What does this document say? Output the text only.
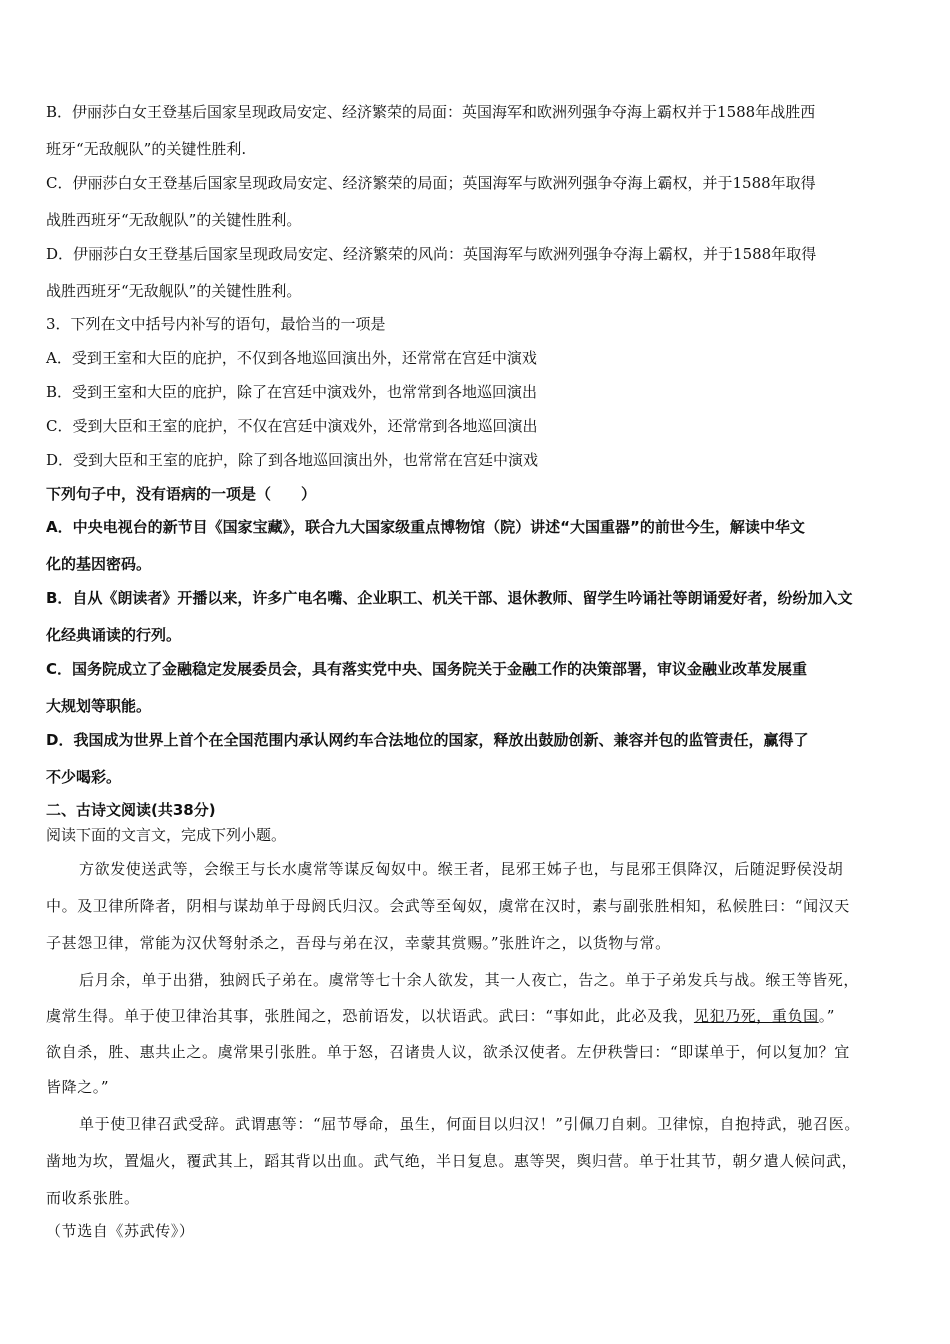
B．伊丽莎白女王登基后国家呈现政局安定、经济繁荣的局面：英国海军和欧洲列强争夺海上霸权并于1588年战胜西
班牙“无敌舰队”的关键性胜利.
C．伊丽莎白女王登基后国家呈现政局安定、经济繁荣的局面；英国海军与欧洲列强争夺海上霸权，并于1588年取得
战胜西班牙“无敌舰队”的关键性胜利。
D．伊丽莎白女王登基后国家呈现政局安定、经济繁荣的风尚：英国海军与欧洲列强争夺海上霸权，并于1588年取得
战胜西班牙“无敌舰队”的关键性胜利。
3．下列在文中括号内补写的语句，最恰当的一项是
A．受到王室和大臣的庇护，不仅到各地巡回演出外，还常常在宫廷中演戏
B．受到王室和大臣的庇护，除了在宫廷中演戏外，也常常到各地巡回演出
C．受到大臣和王室的庇护，不仅在宫廷中演戏外，还常常到各地巡回演出
D．受到大臣和王室的庇护，除了到各地巡回演出外，也常常在宫廷中演戏
下列句子中，没有语病的一项是（　　）
A．中央电视台的新节目《国家宝藏》，联合九大国家级重点博物馆（院）讲述“大国重器”的前世今生，解读中华文
化的基因密码。
B．自从《朗读者》开播以来，许多广电名嘴、企业职工、机关干部、退休教师、留学生吟诵社等朗诵爱好者，纷纷加入文
化经典诵读的行列。
C．国务院成立了金融稳定发展委员会，具有落实党中央、国务院关于金融工作的决策部署，审议金融业改革发展重
大规划等职能。
D．我国成为世界上首个在全国范围内承认网约车合法地位的国家，释放出鼓励创新、兼容并包的监管责任，赢得了
不少喝彩。
二、古诗文阅读(共38分)
阅读下面的文言文，完成下列小题。
方欲发使送武等，会缑王与长水虞常等谋反匈奴中。缑王者，昆邪王姊子也，与昆邪王俱降汉，后随浞野侯没胡
中。及卫律所降者，阴相与谋劫单于母阏氏归汉。会武等至匈奴，虞常在汉时，素与副张胜相知，私候胜曰：“闻汉天
子甚怨卫律，常能为汉伏弩射杀之，吾母与弟在汉，幸蒙其赏赐。”张胜许之，以货物与常。
后月余，单于出猎，独阏氏子弟在。虞常等七十余人欲发，其一人夜亡，告之。单于子弟发兵与战。缑王等皆死，
虞常生得。单于使卫律治其事，张胜闻之，恐前语发，以状语武。武曰：“事如此，此必及我，见犯乃死，重负国。”
欲自杀，胜、惠共止之。虞常果引张胜。单于怒，召诸贵人议，欲杀汉使者。左伊秩訾曰：“即谋单于，何以复加？宜
皆降之。”
单于使卫律召武受辞。武谓惠等：“屈节辱命，虽生，何面目以归汉！”引佩刀自刺。卫律惊，自抱持武，驰召医。
凿地为坎，置煴火，覆武其上，蹈其背以出血。武气绝，半日复息。惠等哭，舆归营。单于壮其节，朝夕遣人候问武，
而收系张胜。
（节选自《苏武传》）
